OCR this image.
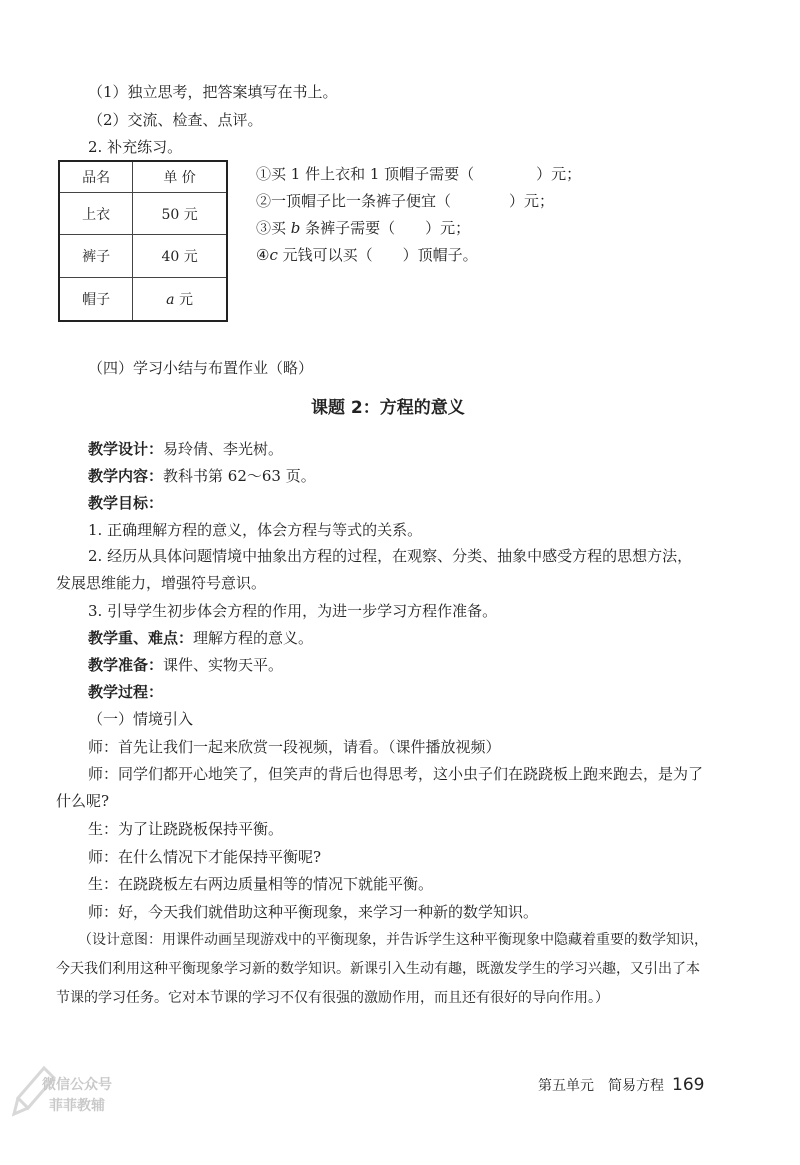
（1）独立思考，把答案填写在书上。
（2）交流、检查、点评。
2. 补充练习。
品名	单 价
上衣	50 元
裤子	40 元
帽子	a 元
①买 1 件上衣和 1 顶帽子需要（	）元；
②一顶帽子比一条裤子便宜（	）元；
③买 b 条裤子需要（ ）元；
④c 元钱可以买（ ）顶帽子。
（四）学习小结与布置作业（略）
课题 2：方程的意义
教学设计：易玲倩、李光树。
教学内容：教科书第 62～63 页。
教学目标：
1. 正确理解方程的意义，体会方程与等式的关系。
2. 经历从具体问题情境中抽象出方程的过程，在观察、分类、抽象中感受方程的思想方法，发展思维能力，增强符号意识。
3. 引导学生初步体会方程的作用，为进一步学习方程作准备。
教学重、难点：理解方程的意义。
教学准备：课件、实物天平。
教学过程：
（一）情境引入
师：首先让我们一起来欣赏一段视频，请看。（课件播放视频）
师：同学们都开心地笑了，但笑声的背后也得思考，这小虫子们在跷跷板上跑来跑去，是为了什么呢?
生：为了让跷跷板保持平衡。
师：在什么情况下才能保持平衡呢?
生：在跷跷板左右两边质量相等的情况下就能平衡。
师：好，今天我们就借助这种平衡现象，来学习一种新的数学知识。
（设计意图：用课件动画呈现游戏中的平衡现象，并告诉学生这种平衡现象中隐藏着重要的数学知识，今天我们利用这种平衡现象学习新的数学知识。新课引入生动有趣，既激发学生的学习兴趣，又引出了本节课的学习任务。它对本节课的学习不仅有很强的激励作用，而且还有很好的导向作用。）
微信公众号
菲菲教辅
第五单元　简易方程 169
